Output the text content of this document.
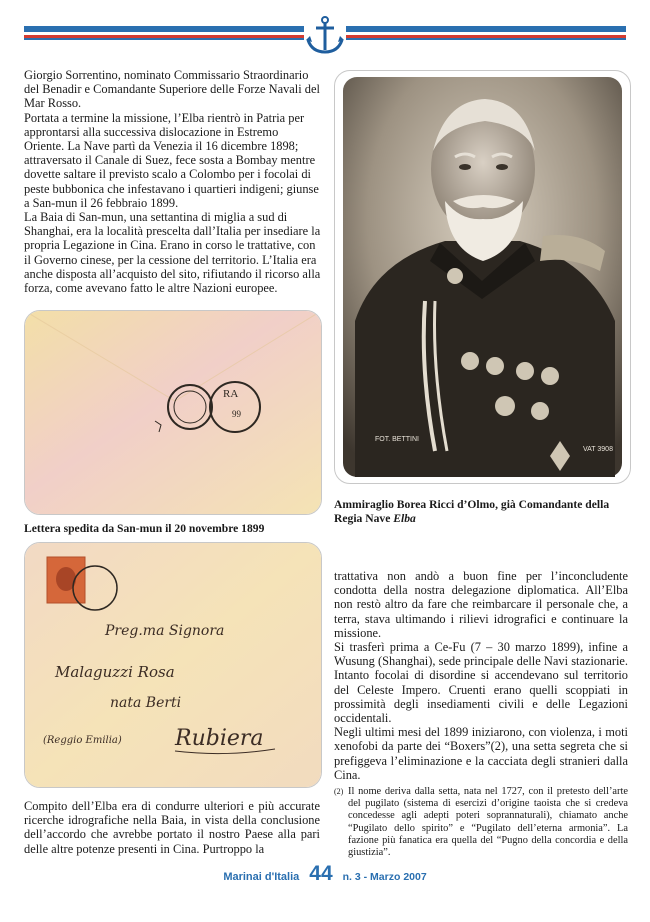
Giorgio Sorrentino, nominato Commissario Straordinario del Benadir e Comandante Superiore delle Forze Navali del Mar Rosso.

Portata a termine la missione, l’Elba rientrò in Patria per approntarsi alla successiva dislocazione in Estremo Oriente. La Nave partì da Venezia il 16 dicembre 1898; attraversato il Canale di Suez, fece sosta a Bombay mentre dovette saltare il previsto scalo a Colombo per i focolai di peste bubbonica che infestavano i quartieri indigeni; giunse a San-mun il 26 febbraio 1899.

La Baia di San-mun, una settantina di miglia a sud di Shanghai, era la località prescelta dall’Italia per insediare la propria Legazione in Cina. Erano in corso le trattative, con il Governo cinese, per la cessione del territorio. L’Italia era anche disposta all’acquisto del sito, rifiutando il ricorso alla forza, come avevano fatto le altre Nazioni europee.

FOT. BETTINI
VAT 3908
Ammiraglio Borea Ricci d’Olmo, già Comandante della
Regia Nave Elba
RA
99
Lettera spedita da San-mun il 20 novembre 1899
Preg.ma Signora
Malaguzzi Rosa
nata Berti
(Reggio Emilia) Rubiera

Compito dell’Elba era di condurre ulteriori e più accurate ricerche idrografiche nella Baia, in vista della conclusione dell’accordo che avrebbe portato il nostro Paese alla pari delle altre potenze presenti in Cina. Purtroppo la

trattativa non andò a buon fine per l’inconcludente condotta della nostra delegazione diplomatica. All’Elba non restò altro da fare che reimbarcare il personale che, a terra, stava ultimando i rilievi idrografici e continuare la missione.

Si trasferì prima a Ce-Fu (7 – 30 marzo 1899), infine a Wusung (Shanghai), sede principale delle Navi stazionarie. Intanto focolai di disordine si accendevano sul territorio del Celeste Impero. Cruenti erano quelli scoppiati in prossimità degli insediamenti civili e delle Legazioni occidentali.

Negli ultimi mesi del 1899 iniziarono, con violenza, i moti xenofobi da parte dei “Boxers”(2), una setta segreta che si prefiggeva l’eliminazione e la cacciata degli stranieri dalla Cina.

(2) Il nome deriva dalla setta, nata nel 1727, con il pretesto dell’arte del pugilato (sistema di esercizi d’origine taoista che si credeva concedesse agli adepti poteri soprannaturali), chiamato anche “Pugilato dello spirito” e “Pugilato dell’eterna armonia”. La fazione più fanatica era quella del “Pugno della concordia e della giustizia”.

Marinai d'Italia 44 n. 3 - Marzo 2007
